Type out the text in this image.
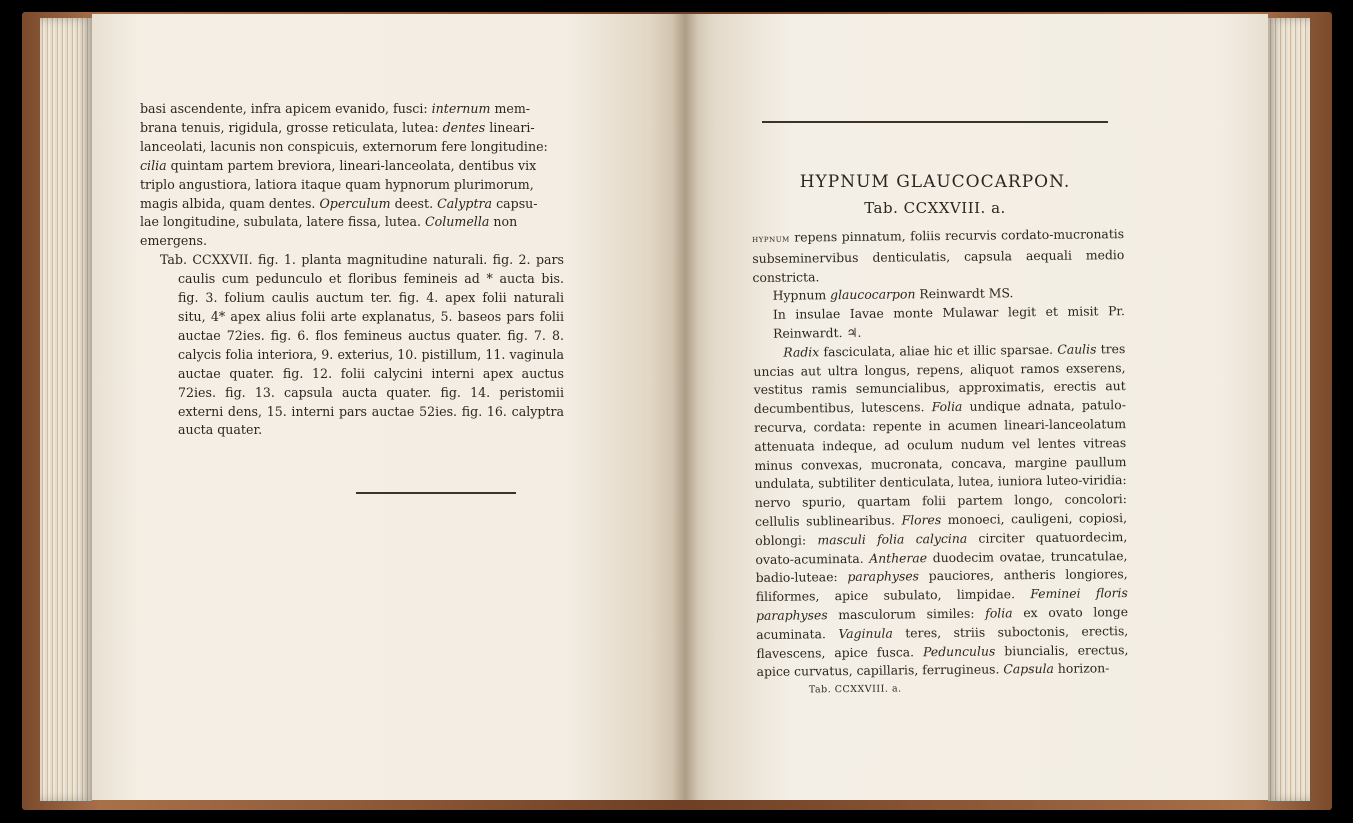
basi ascendente, infra apicem evanido, fusci: internum mem-

brana tenuis, rigidula, grosse reticulata, lutea: dentes lineari-

lanceolati, lacunis non conspicuis, externorum fere longitudine:

cilia quintam partem breviora, lineari-lanceolata, dentibus vix

triplo angustiora, latiora itaque quam hypnorum plurimorum,

magis albida, quam dentes. Operculum deest. Calyptra capsu-

lae longitudine, subulata, latere fissa, lutea. Columella non

emergens.

Tab. CCXXVII. fig. 1. planta magnitudine naturali. fig. 2. pars caulis cum pedunculo et floribus femineis ad * aucta bis. fig. 3. folium caulis auctum ter. fig. 4. apex folii naturali situ, 4* apex alius folii arte explanatus, 5. baseos pars folii auctae 72ies. fig. 6. flos femineus auctus quater. fig. 7. 8. calycis folia interiora, 9. exterius, 10. pistillum, 11. vaginula auctae quater. fig. 12. folii calycini interni apex auctus 72ies. fig. 13. capsula aucta quater. fig. 14. peristomii externi dens, 15. interni pars auctae 52ies. fig. 16. calyptra aucta quater.

HYPNUM GLAUCOCARPON.
Tab. CCXXVIII. a.

hypnum repens pinnatum, foliis recurvis cordato-mucronatis subseminervibus denticulatis, capsula aequali medio constricta.

Hypnum glaucocarpon Reinwardt MS.

In insulae Iavae monte Mulawar legit et misit Pr. Reinwardt. ♃.

Radix fasciculata, aliae hic et illic sparsae. Caulis tres uncias aut ultra longus, repens, aliquot ramos exserens, vestitus ramis semuncialibus, approximatis, erectis aut decumbentibus, lutescens. Folia undique adnata, patulo-recurva, cordata: repente in acumen lineari-lanceolatum attenuata indeque, ad oculum nudum vel lentes vitreas minus convexas, mucronata, concava, margine paullum undulata, subtiliter denticulata, lutea, iuniora luteo-viridia: nervo spurio, quartam folii partem longo, concolori: cellulis sublinearibus. Flores monoeci, cauligeni, copiosi, oblongi: masculi folia calycina circiter quatuordecim, ovato-acuminata. Antherae duodecim ovatae, truncatulae, badio-luteae: paraphyses pauciores, antheris longiores, filiformes, apice subulato, limpidae. Feminei floris paraphyses masculorum similes: folia ex ovato longe acuminata. Vaginula teres, striis suboctonis, erectis, flavescens, apice fusca. Pedunculus biuncialis, erectus, apice curvatus, capillaris, ferrugineus. Capsula horizon-

Tab. CCXXVIII. a.
